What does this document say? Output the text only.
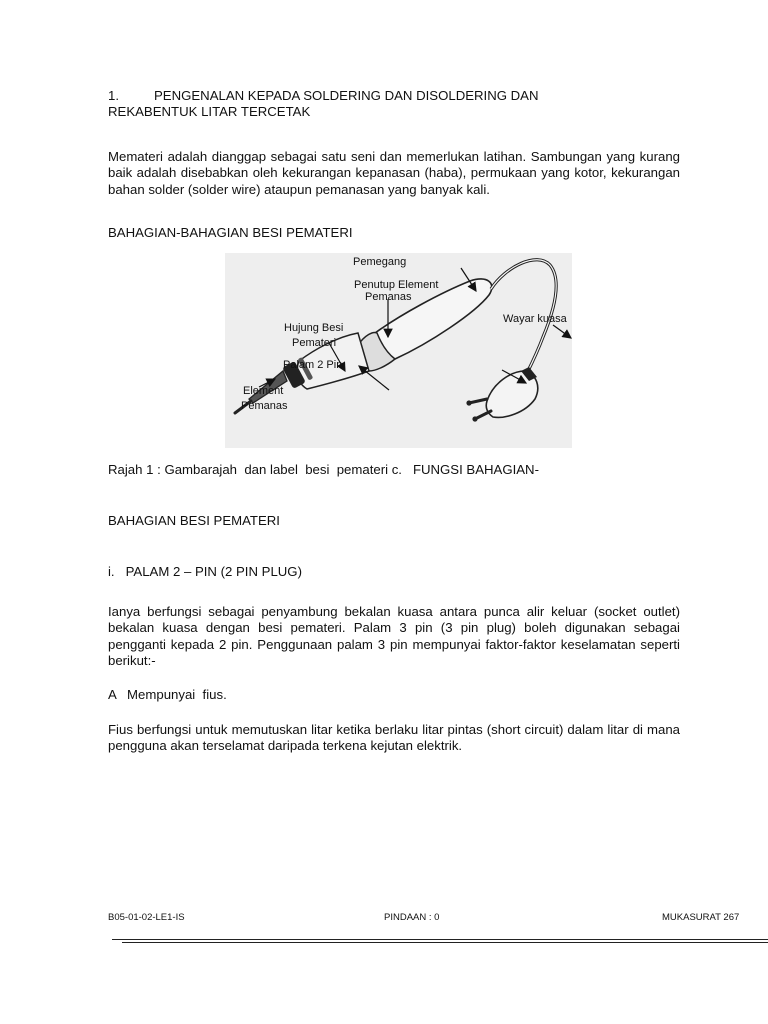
1.	PENGENALAN KEPADA SOLDERING DAN DISOLDERING DAN
REKABENTUK LITAR TERCETAK
Memateri adalah dianggap sebagai satu seni dan memerlukan latihan. Sambungan yang kurang baik adalah disebabkan oleh kekurangan kepanasan (haba), permukaan yang kotor, kekurangan bahan solder (solder wire) ataupun pemanasan yang banyak kali.
BAHAGIAN-BAHAGIAN BESI PEMATERI
Pemegang
Penutup Element
Pemanas
Wayar kuasa
Hujung Besi
Pemateri
Palam 2 Pin
Element
Pemanas
Rajah 1 : Gambarajah  dan label  besi  pemateri c.   FUNGSI BAHAGIAN-
BAHAGIAN BESI PEMATERI
i.   PALAM 2 – PIN (2 PIN PLUG)
Ianya berfungsi sebagai penyambung bekalan kuasa antara punca alir keluar (socket outlet) bekalan kuasa dengan besi pemateri. Palam 3 pin (3 pin plug) boleh digunakan sebagai pengganti kepada 2 pin. Penggunaan palam 3 pin mempunyai faktor-faktor keselamatan seperti berikut:-
A   Mempunyai  fius.
Fius berfungsi untuk memutuskan litar ketika berlaku litar pintas (short circuit) dalam litar di mana pengguna akan terselamat daripada terkena kejutan elektrik.
B05-01-02-LE1-IS	PINDAAN : 0	MUKASURAT 267
